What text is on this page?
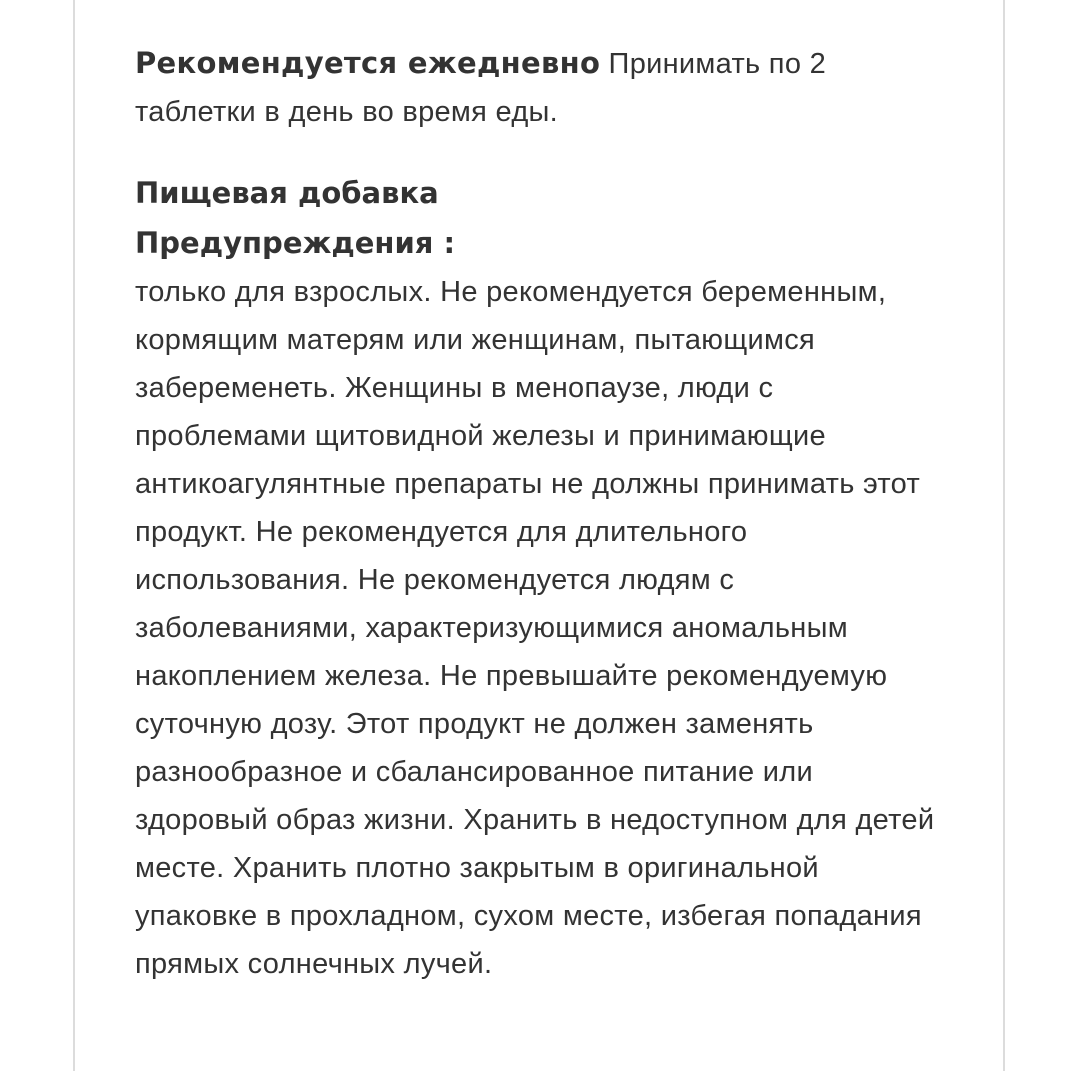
Рекомендуется ежедневно Принимать по 2 таблетки в день во время еды.

Пищевая добавка

Предупреждения :

только для взрослых. Не рекомендуется беременным, кормящим матерям или женщинам, пытающимся забеременеть. Женщины в менопаузе, люди с проблемами щитовидной железы и принимающие антикоагулянтные препараты не должны принимать этот продукт. Не рекомендуется для длительного использования. Не рекомендуется людям с заболеваниями, характеризующимися аномальным накоплением железа. Не превышайте рекомендуемую суточную дозу. Этот продукт не должен заменять разнообразное и сбалансированное питание или здоровый образ жизни. Хранить в недоступном для детей месте. Хранить плотно закрытым в оригинальной упаковке в прохладном, сухом месте, избегая попадания прямых солнечных лучей.
